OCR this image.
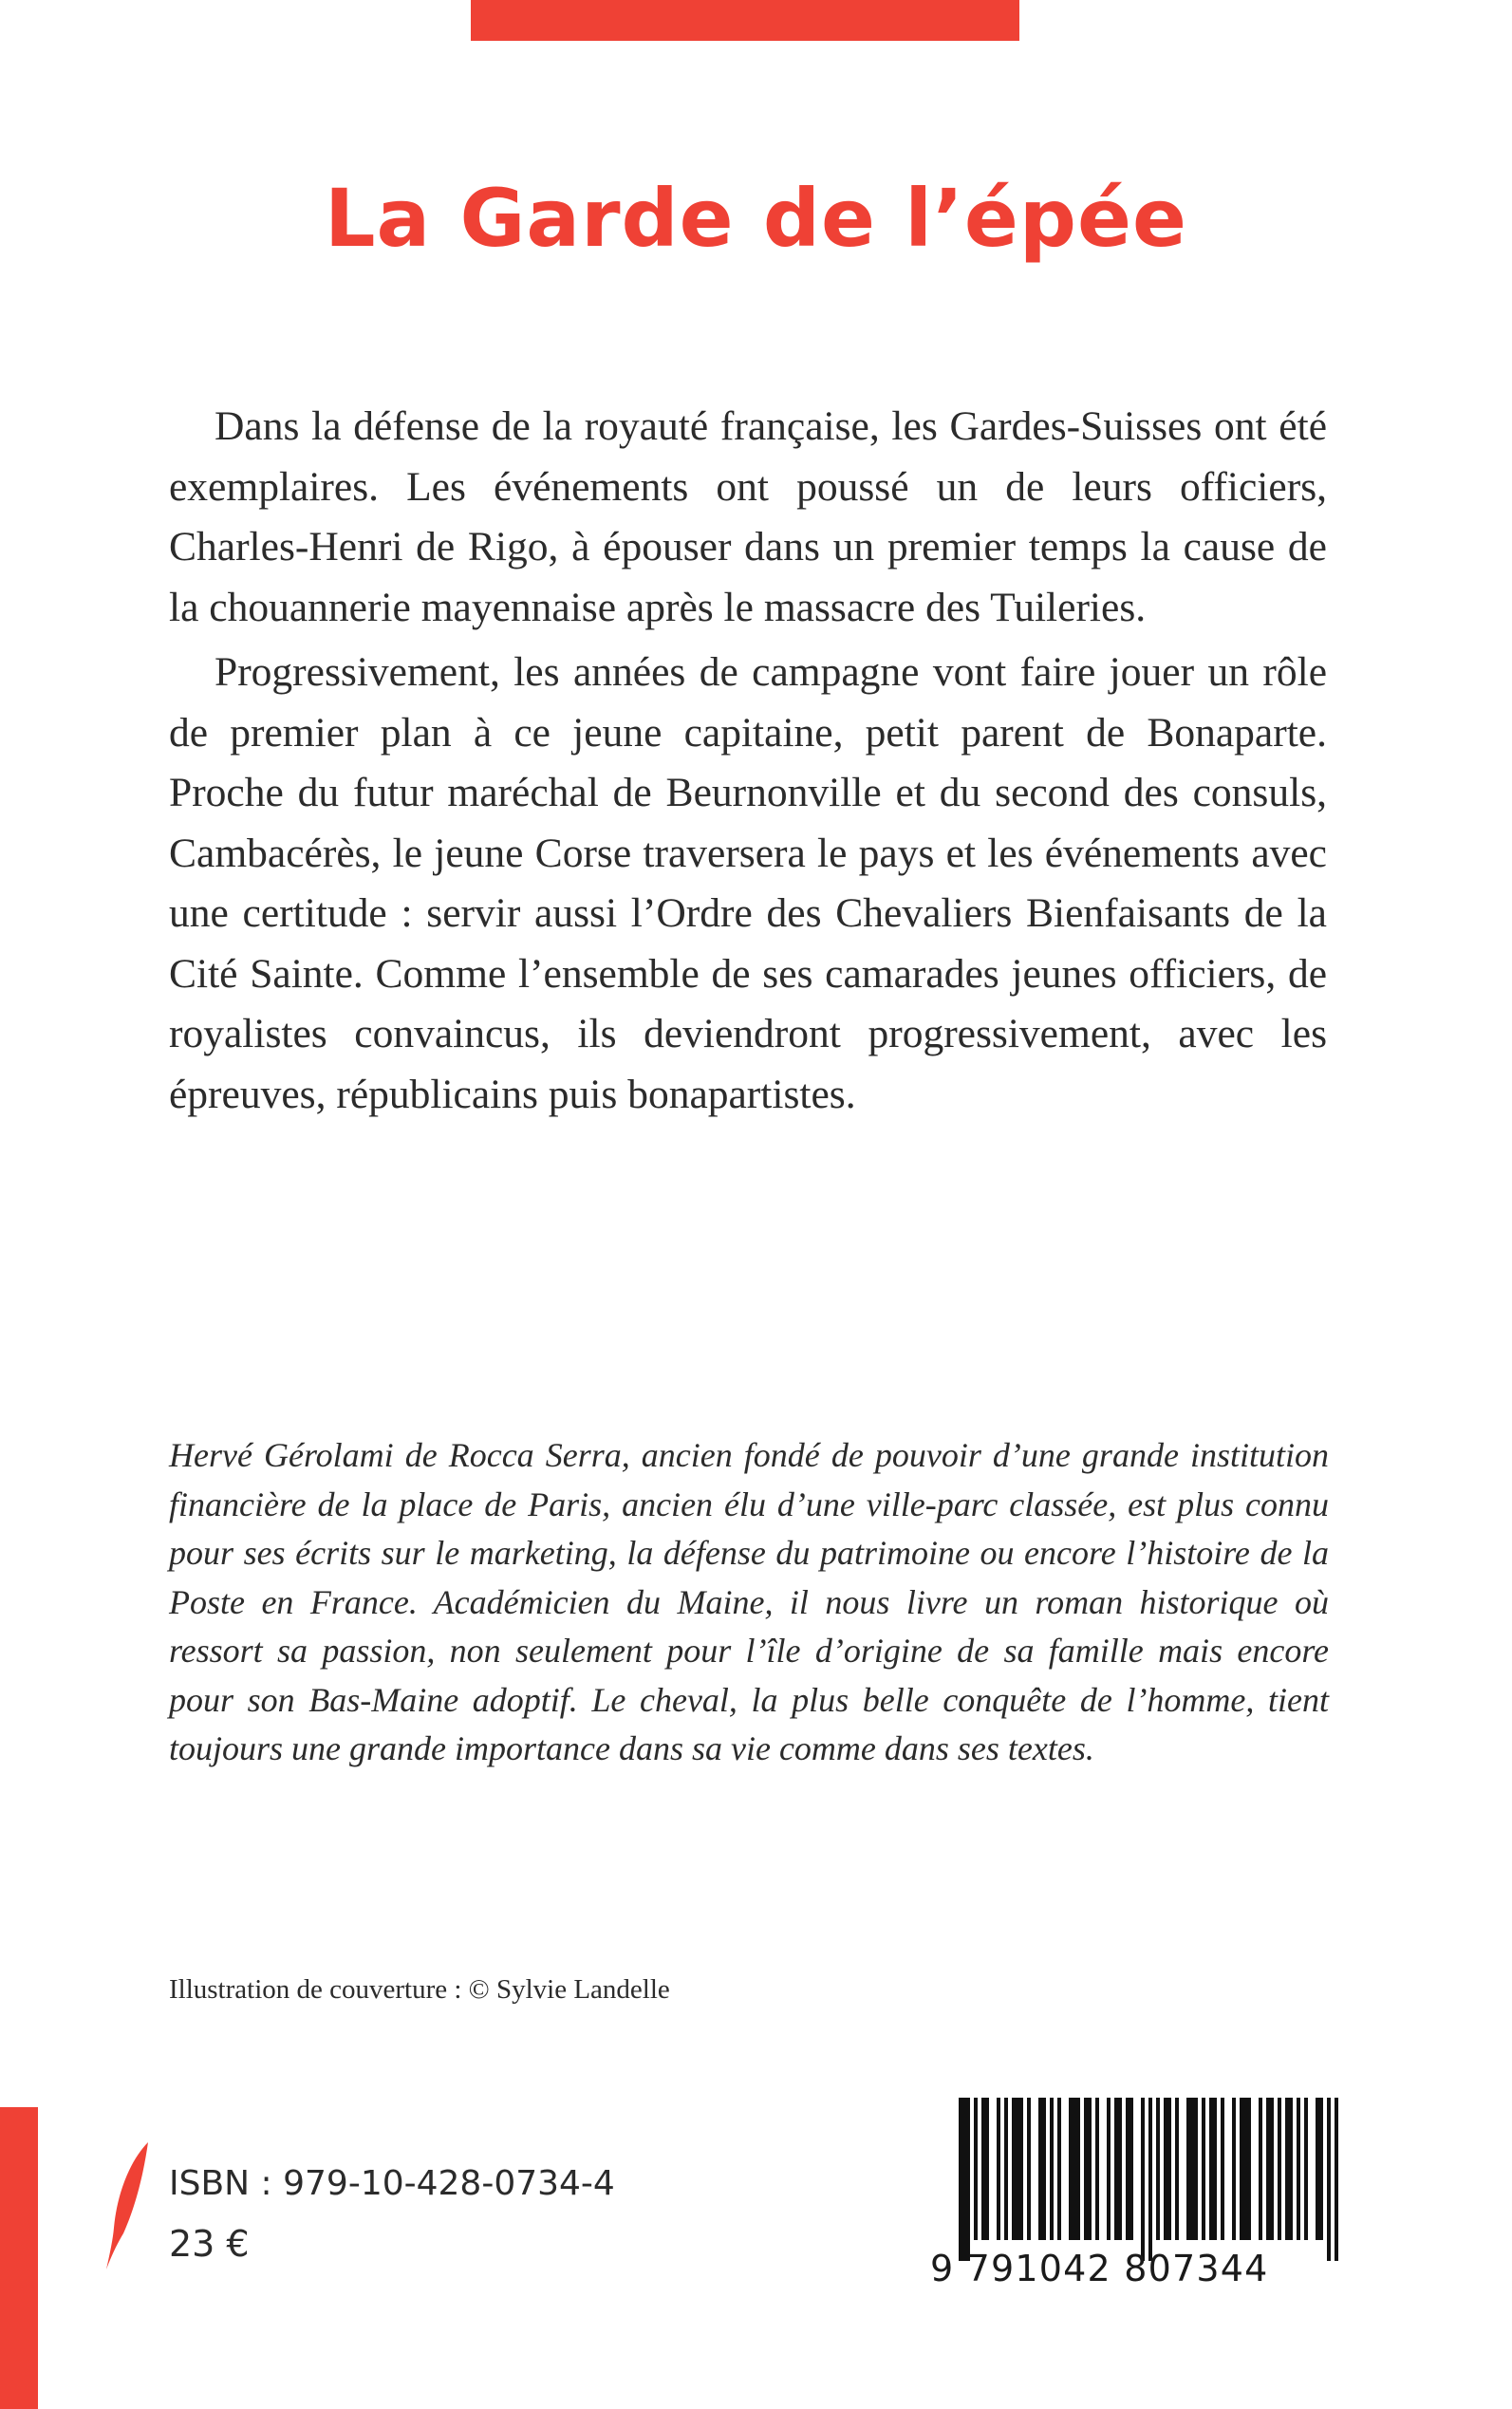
La Garde de l’épée

Dans la défense de la royauté française, les Gardes-Suisses ont été exemplaires. Les événements ont poussé un de leurs officiers, Charles-Henri de Rigo, à épouser dans un premier temps la cause de la chouannerie mayennaise après le massacre des Tuileries.

Progressivement, les années de campagne vont faire jouer un rôle de premier plan à ce jeune capitaine, petit parent de Bonaparte. Proche du futur maréchal de Beurnonville et du second des consuls, Cambacérès, le jeune Corse traversera le pays et les événements avec une certitude : servir aussi l’Ordre des Chevaliers Bienfaisants de la Cité Sainte. Comme l’ensemble de ses camarades jeunes officiers, de royalistes convaincus, ils deviendront progressivement, avec les épreuves, républicains puis bonapartistes.

Hervé Gérolami de Rocca Serra, ancien fondé de pouvoir d’une grande institution financière de la place de Paris, ancien élu d’une ville-parc classée, est plus connu pour ses écrits sur le marketing, la défense du patrimoine ou encore l’histoire de la Poste en France. Académicien du Maine, il nous livre un roman historique où ressort sa passion, non seulement pour l’île d’origine de sa famille mais encore pour son Bas-Maine adoptif. Le cheval, la plus belle conquête de l’homme, tient toujours une grande importance dans sa vie comme dans ses textes.

Illustration de couverture : © Sylvie Landelle

ISBN : 979-10-428-0734-4

23 €

9 791042 807344
